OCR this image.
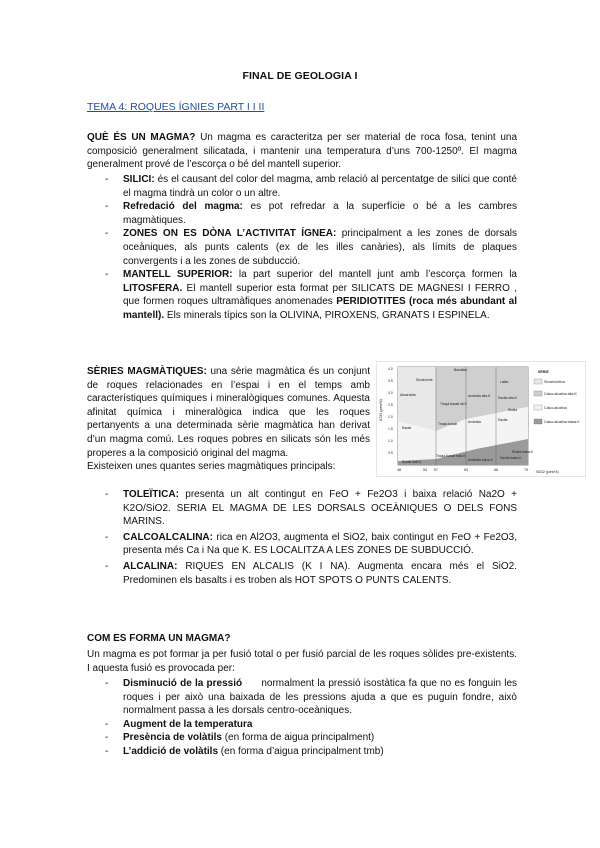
FINAL DE GEOLOGIA I
TEMA 4: ROQUES ÍGNIES PART I I II
QUÈ ÉS UN MAGMA? Un magma es caracteritza per ser material de roca fosa, tenint una composició generalment silicatada, i mantenir una temperatura d’uns 700-1250º. El magma generalment prové de l’escorça o bé del mantell superior.
- SILICI: és el causant del color del magma, amb relació al percentatge de silici que conté el magma tindrà un color o un altre.
- Refredació del magma: es pot refredar a la superfície o bé a les cambres magmàtiques.
- ZONES ON ES DÒNA L’ACTIVITAT ÍGNEA: principalment a les zones de dorsals oceàniques, als punts calents (ex de les illes canàries), als límits de plaques convergents i a les zones de subducció.
- MANTELL SUPERIOR: la part superior del mantell junt amb l’escorça formen la LITOSFERA. El mantell superior esta format per SILICATS DE MAGNESI I FERRO , que formen roques ultramàfiques anomenades PERIDIOTITES (roca més abundant al mantell). Els minerals típics son la OLIVINA, PIROXENS, GRANATS I ESPINELA.
SÈRIES MAGMÀTIQUES: una sèrie magmàtica és un conjunt de roques relacionades en l’espai i en el temps amb característiques químiques i mineralògiques comunes. Aquesta afinitat química i mineralògica indica que les roques pertanyents a una determinada sèrie magmàtica han derivat d’un magma comú. Les roques pobres en silicats són les més properes a la composició original del magma.
Existeixen unes quantes series magmàtiques principals:
K2O (pes%)
SiO2 (pes%)
48	53 57	63	68	75
4.0
3.5
3.0
2.5
2.0
1.5
1.0
0.5
Absarokita
Shoshonita
Banakita
Latita
Traqui-basalt alt-K
Andesita alta-K Dacita alta-K
Riolita
Basalt
Traqui-basalt	Andesita	Dacita
Andesita baixa-K Dacita baixa-K
Riolita baixa-K
Basalt baix-K
Traqui-basalt baix-K
SÈRIE
Shoshonítica
Calco-alcalina alta-K
Calco-alcalina
Calco-alcalina baixa-K
- TOLEÏTICA: presenta un alt contingut en FeO + Fe2O3 i baixa relació Na2O + K2O/SiO2. SERIA EL MAGMA DE LES DORSALS OCEÀNIQUES O DELS FONS MARINS.
- CALCOALCALINA: rica en Al2O3, augmenta el SiO2, baix contingut en FeO + Fe2O3, presenta més Ca i Na que K. ES LOCALITZA A LES ZONES DE SUBDUCCIÓ.
- ALCALINA: RIQUES EN ALCALIS (K I NA). Augmenta encara més el SiO2. Predominen els basalts i es troben als HOT SPOTS O PUNTS CALENTS.
COM ES FORMA UN MAGMA?
Un magma es pot formar ja per fusió total o per fusió parcial de les roques sòlides pre-existents. I aquesta fusió es provocada per:
- Disminució de la pressió      normalment la pressió isostàtica fa que no es fonguin les roques i per això una baixada de les pressions ajuda a que es puguin fondre, això normalment passa a les dorsals centro-oceàniques.
- Augment de la temperatura
- Presència de volàtils (en forma de aigua principalment)
- L’addició de volàtils (en forma d’aigua principalment tmb)
